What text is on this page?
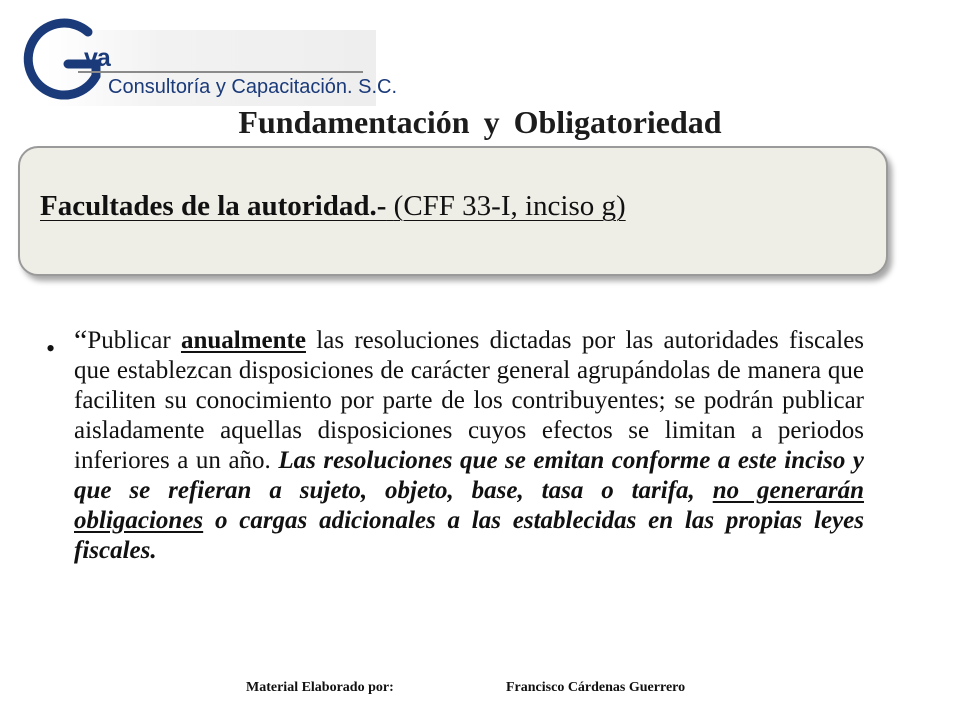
va
Consultoría y Capacitación. S.C.
Fundamentación y Obligatoriedad
Facultades de la autoridad.- (CFF 33-I, inciso g)
• “Publicar anualmente las resoluciones dictadas por las autoridades fiscales que establezcan disposiciones de carácter general agrupándolas de manera que faciliten su conocimiento por parte de los contribuyentes; se podrán publicar aisladamente aquellas disposiciones cuyos efectos se limitan a periodos inferiores a un año. Las resoluciones que se emitan conforme a este inciso y que se refieran a sujeto, objeto, base, tasa o tarifa, no generarán obligaciones o cargas adicionales a las establecidas en las propias leyes fiscales.
Material Elaborado por:	Francisco Cárdenas Guerrero
